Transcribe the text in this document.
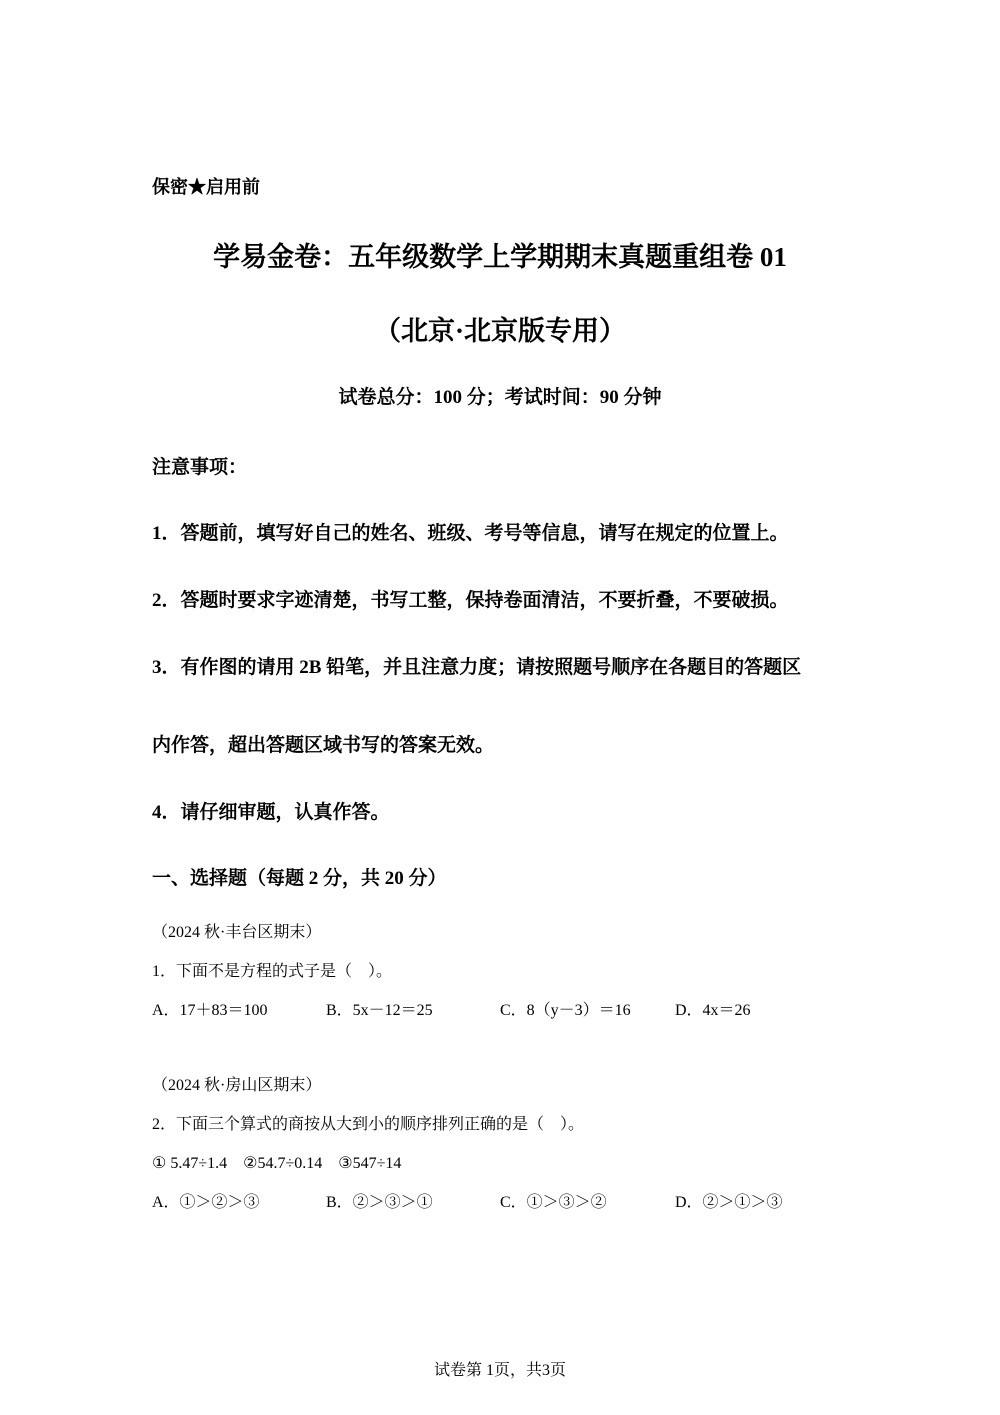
保密★启用前
学易金卷：五年级数学上学期期末真题重组卷 01
（北京·北京版专用）
试卷总分：100 分；考试时间：90 分钟
注意事项：
1．答题前，填写好自己的姓名、班级、考号等信息，请写在规定的位置上。
2．答题时要求字迹清楚，书写工整，保持卷面清洁，不要折叠，不要破损。
3．有作图的请用 2B 铅笔，并且注意力度；请按照题号顺序在各题目的答题区
内作答，超出答题区域书写的答案无效。
4．请仔细审题，认真作答。
一、选择题（每题 2 分，共 20 分）
（2024 秋·丰台区期末）
1．下面不是方程的式子是（　）。
A．17＋83＝100	B．5x－12＝25	C．8（y－3）＝16	D．4x＝26
（2024 秋·房山区期末）
2．下面三个算式的商按从大到小的顺序排列正确的是（　）。
① 5.47÷1.4　②54.7÷0.14　③547÷14
A．①＞②＞③	B．②＞③＞①	C．①＞③＞②	D．②＞①＞③
试卷第 1页，共3页
